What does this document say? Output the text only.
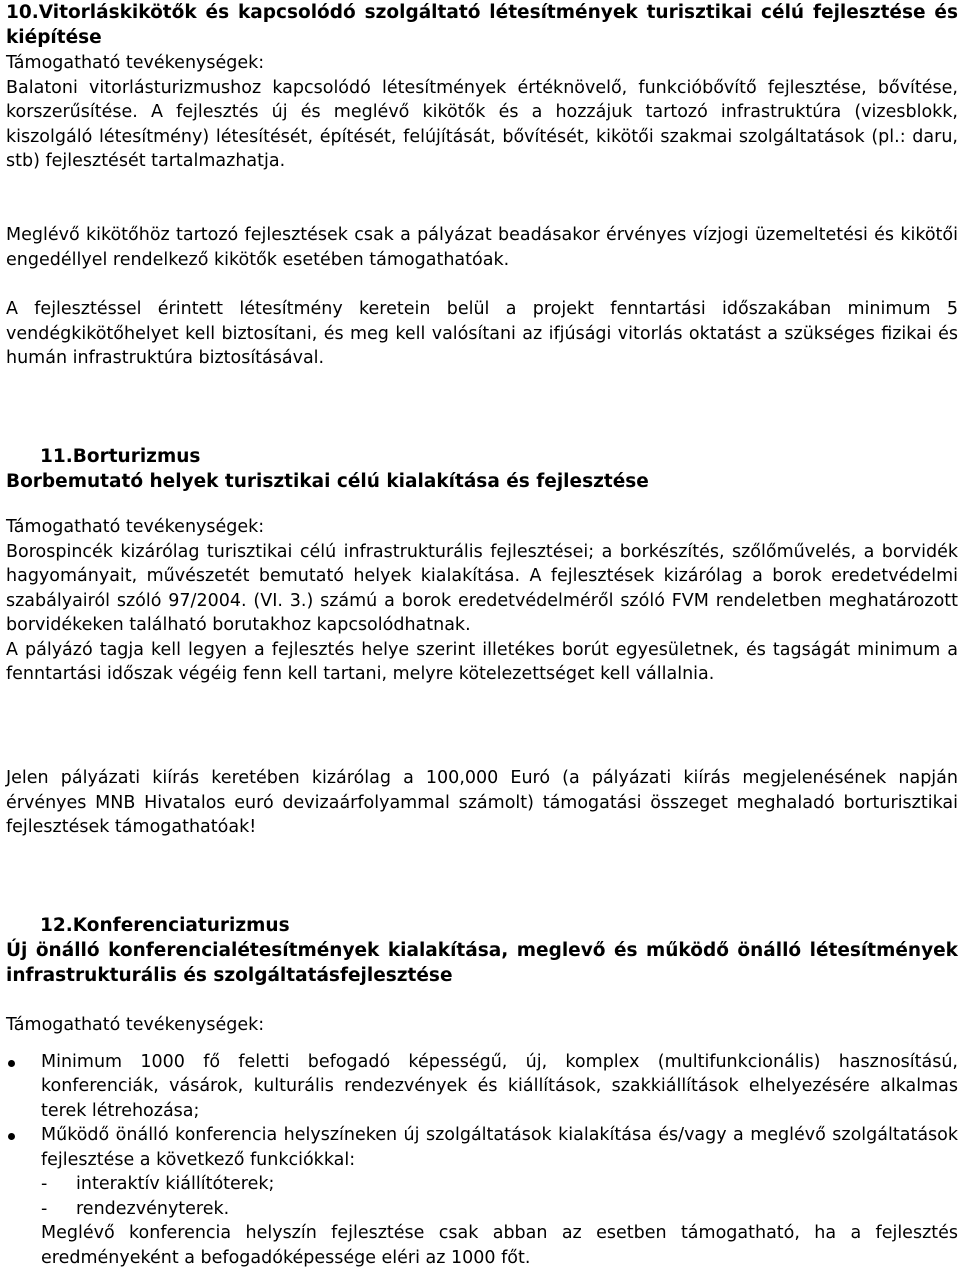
10.Vitorláskikötők és kapcsolódó szolgáltató létesítmények turisztikai célú fejlesztése és kiépítése

Támogatható tevékenységek:

Balatoni vitorlásturizmushoz kapcsolódó létesítmények értéknövelő, funkcióbővítő fejlesztése, bővítése, korszerűsítése. A fejlesztés új és meglévő kikötők és a hozzájuk tartozó infrastruktúra (vizesblokk, kiszolgáló létesítmény) létesítését, építését, felújítását, bővítését, kikötői szakmai szolgáltatások (pl.: daru, stb) fejlesztését tartalmazhatja.

Meglévő kikötőhöz tartozó fejlesztések csak a pályázat beadásakor érvényes vízjogi üzemeltetési és kikötői engedéllyel rendelkező kikötők esetében támogathatóak.

A fejlesztéssel érintett létesítmény keretein belül a projekt fenntartási időszakában minimum 5 vendégkikötőhelyet kell biztosítani, és meg kell valósítani az ifjúsági vitorlás oktatást a szükséges fizikai és humán infrastruktúra biztosításával.

11.Borturizmus
Borbemutató helyek turisztikai célú kialakítása és fejlesztése

Támogatható tevékenységek:

Borospincék kizárólag turisztikai célú infrastrukturális fejlesztései; a borkészítés, szőlőművelés, a borvidék hagyományait, művészetét bemutató helyek kialakítása. A fejlesztések kizárólag a borok eredetvédelmi szabályairól szóló 97/2004. (VI. 3.) számú a borok eredetvédelméről szóló FVM rendeletben meghatározott borvidékeken található borutakhoz kapcsolódhatnak.

A pályázó tagja kell legyen a fejlesztés helye szerint illetékes borút egyesületnek, és tagságát minimum a fenntartási időszak végéig fenn kell tartani, melyre kötelezettséget kell vállalnia.

Jelen pályázati kiírás keretében kizárólag a 100,000 Euró (a pályázati kiírás megjelenésének napján érvényes MNB Hivatalos euró devizaárfolyammal számolt) támogatási összeget meghaladó borturisztikai fejlesztések támogathatóak!

12.Konferenciaturizmus
Új önálló konferencialétesítmények kialakítása, meglevő és működő önálló létesítmények infrastrukturális és szolgáltatásfejlesztése

Támogatható tevékenységek:

Minimum 1000 fő feletti befogadó képességű, új, komplex (multifunkcionális) hasznosítású, konferenciák, vásárok, kulturális rendezvények és kiállítások, szakkiállítások elhelyezésére alkalmas terek létrehozása;
Működő önálló konferencia helyszíneken új szolgáltatások kialakítása és/vagy a meglévő szolgáltatások fejlesztése a következő funkciókkal:
- interaktív kiállítóterek;
- rendezvényterek.
Meglévő konferencia helyszín fejlesztése csak abban az esetben támogatható, ha a fejlesztés eredményeként a befogadóképessége eléri az 1000 főt.
